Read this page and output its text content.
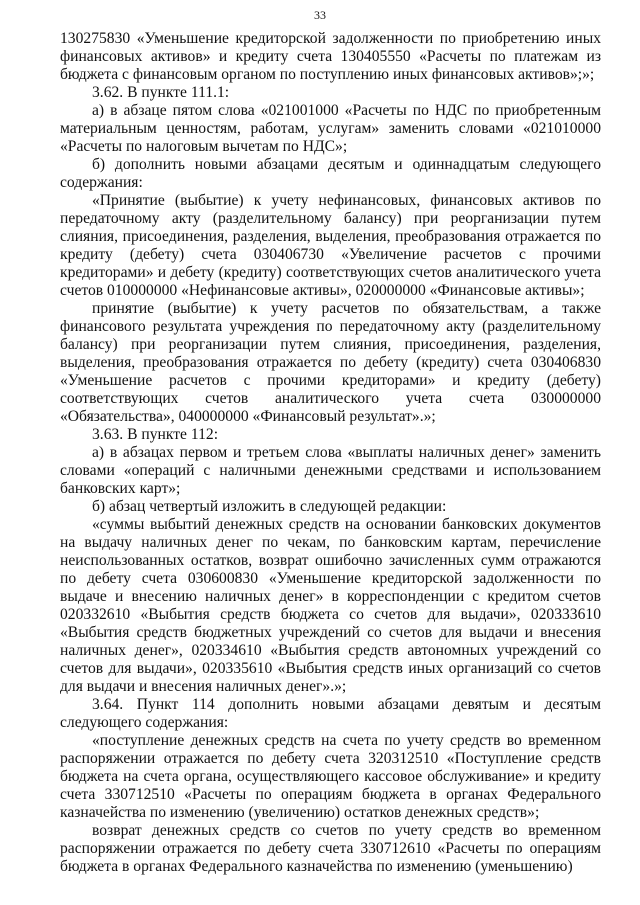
33

130275830 «Уменьшение кредиторской задолженности по приобретению иных финансовых активов» и кредиту счета 130405550 «Расчеты по платежам из бюджета с финансовым органом по поступлению иных финансовых активов»;»;

3.62. В пункте 111.1:

а) в абзаце пятом слова «021001000 «Расчеты по НДС по приобретенным материальным ценностям, работам, услугам» заменить словами «021010000 «Расчеты по налоговым вычетам по НДС»;

б) дополнить новыми абзацами десятым и одиннадцатым следующего содержания:

«Принятие (выбытие) к учету нефинансовых, финансовых активов по передаточному акту (разделительному балансу) при реорганизации путем слияния, присоединения, разделения, выделения, преобразования отражается по кредиту (дебету) счета 030406730 «Увеличение расчетов с прочими кредиторами» и дебету (кредиту) соответствующих счетов аналитического учета счетов 010000000 «Нефинансовые активы», 020000000 «Финансовые активы»;

принятие (выбытие) к учету расчетов по обязательствам, а также финансового результата учреждения по передаточному акту (разделительному балансу) при реорганизации путем слияния, присоединения, разделения, выделения, преобразования отражается по дебету (кредиту) счета 030406830 «Уменьшение расчетов с прочими кредиторами» и кредиту (дебету) соответствующих счетов аналитического учета счета 030000000 «Обязательства», 040000000 «Финансовый результат».»;

3.63. В пункте 112:

а) в абзацах первом и третьем слова «выплаты наличных денег» заменить словами «операций с наличными денежными средствами и использованием банковских карт»;

б) абзац четвертый изложить в следующей редакции:

«суммы выбытий денежных средств на основании банковских документов на выдачу наличных денег по чекам, по банковским картам, перечисление неиспользованных остатков, возврат ошибочно зачисленных сумм отражаются по дебету счета 030600830 «Уменьшение кредиторской задолженности по выдаче и внесению наличных денег» в корреспонденции с кредитом счетов 020332610 «Выбытия средств бюджета со счетов для выдачи», 020333610 «Выбытия средств бюджетных учреждений со счетов для выдачи и внесения наличных денег», 020334610 «Выбытия средств автономных учреждений со счетов для выдачи», 020335610 «Выбытия средств иных организаций со счетов для выдачи и внесения наличных денег».»;

3.64. Пункт 114 дополнить новыми абзацами девятым и десятым следующего содержания:

«поступление денежных средств на счета по учету средств во временном распоряжении отражается по дебету счета 320312510 «Поступление средств бюджета на счета органа, осуществляющего кассовое обслуживание» и кредиту счета 330712510 «Расчеты по операциям бюджета в органах Федерального казначейства по изменению (увеличению) остатков денежных средств»;

возврат денежных средств со счетов по учету средств во временном распоряжении отражается по дебету счета 330712610 «Расчеты по операциям бюджета в органах Федерального казначейства по изменению (уменьшению)
